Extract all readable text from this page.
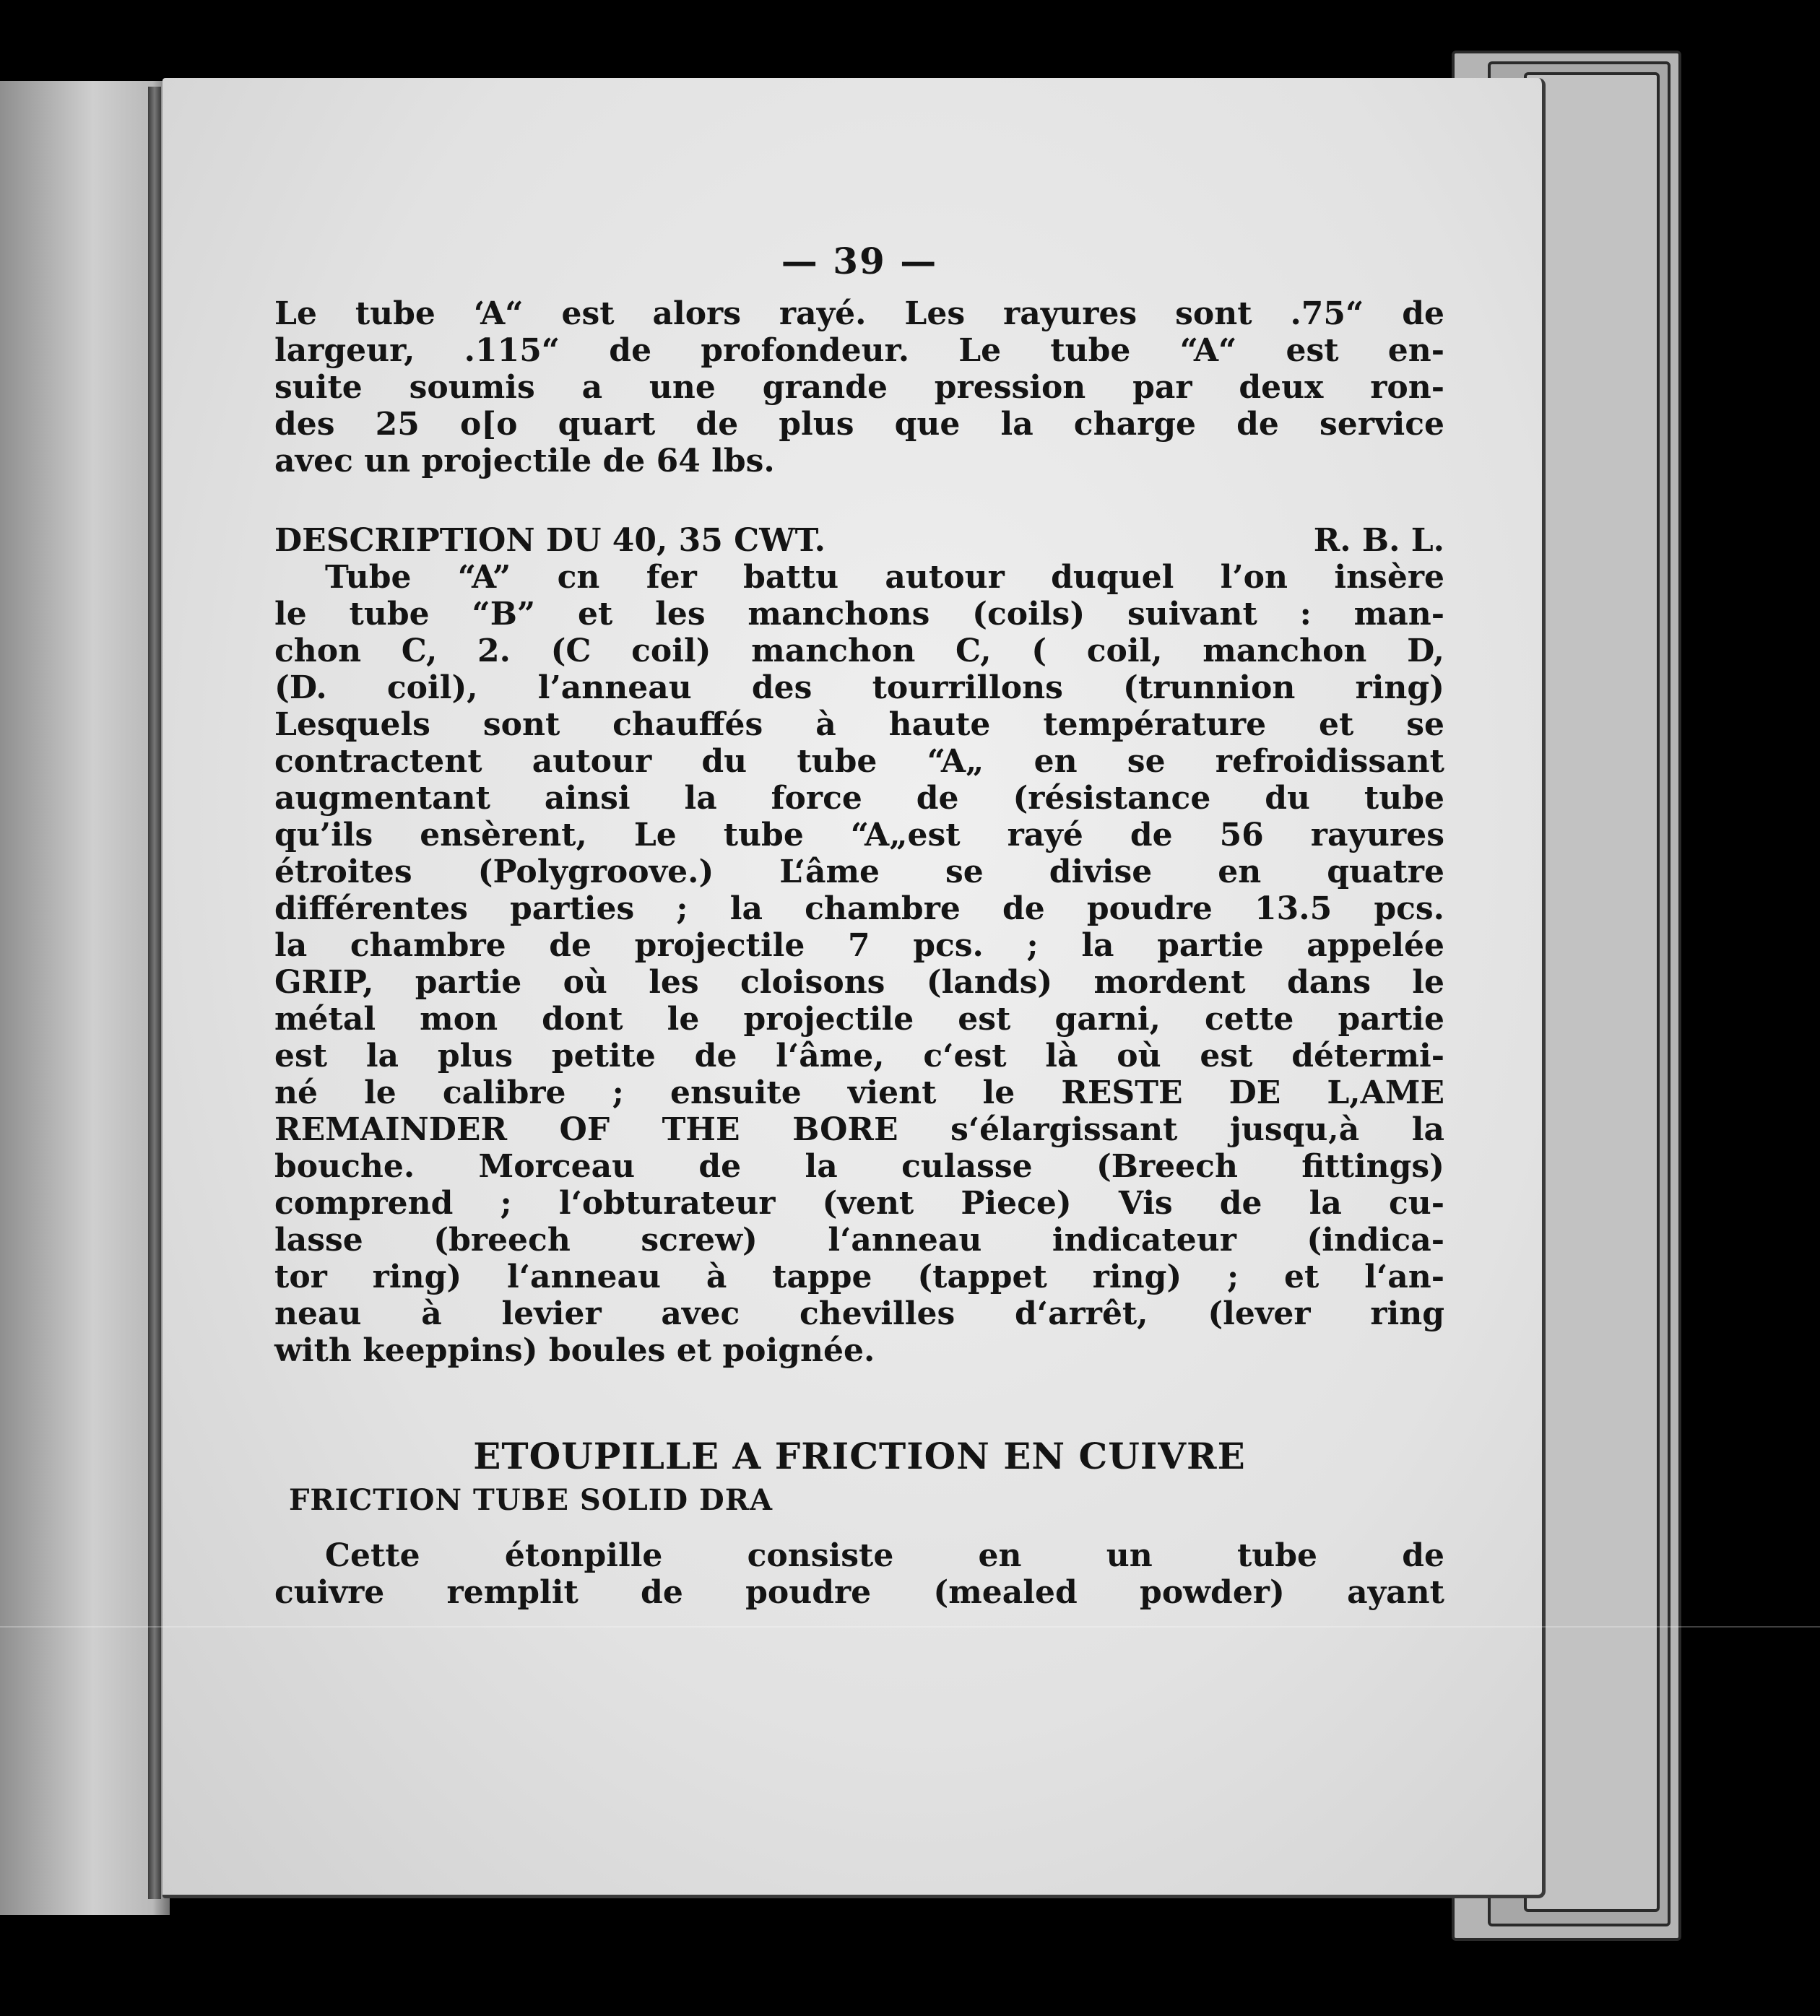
— 39 —
Le tube ‘A“ est alors rayé. Les rayures sont .75“ de
largeur, .115“ de profondeur. Le tube “A“ est en-
suite soumis a une grande pression par deux ron-
des 25 o[o quart de plus que la charge de service
avec un projectile de 64 lbs.
DESCRIPTION DU 40, 35 CWT.	R. B. L.
Tube “A” cn fer battu autour duquel l’on insère
le tube “B” et les manchons (coils) suivant : man-
chon C, 2. (C coil) manchon C, ( coil, manchon D,
(D. coil), l’anneau des tourrillons (trunnion ring)
Lesquels sont chauffés à haute température et se
contractent autour du tube “A„ en se refroidissant
augmentant ainsi la force de (résistance du tube
qu’ils ensèrent, Le tube “A„est rayé de 56 rayures
étroites (Polygroove.) L‘âme se divise en quatre
différentes parties ; la chambre de poudre 13.5 pcs.
la chambre de projectile 7 pcs. ; la partie appelée
GRIP, partie où les cloisons (lands) mordent dans le
métal mon dont le projectile est garni, cette partie
est la plus petite de l‘âme, c‘est là où est détermi-
né le calibre ; ensuite vient le RESTE DE L,AME
REMAINDER OF THE BORE s‘élargissant jusqu‚à la
bouche. Morceau de la culasse (Breech fittings)
comprend ; l‘obturateur (vent Piece) Vis de la cu-
lasse (breech screw) l‘anneau indicateur (indica-
tor ring) l‘anneau à tappe (tappet ring) ; et l‘an-
neau à levier avec chevilles d‘arrêt, (lever ring
with keeppins) boules et poignée.
ETOUPILLE A FRICTION EN CUIVRE
FRICTION TUBE SOLID DRA
Cette étonpille consiste en un tube de
cuivre remplit de poudre (mealed powder) ayant
